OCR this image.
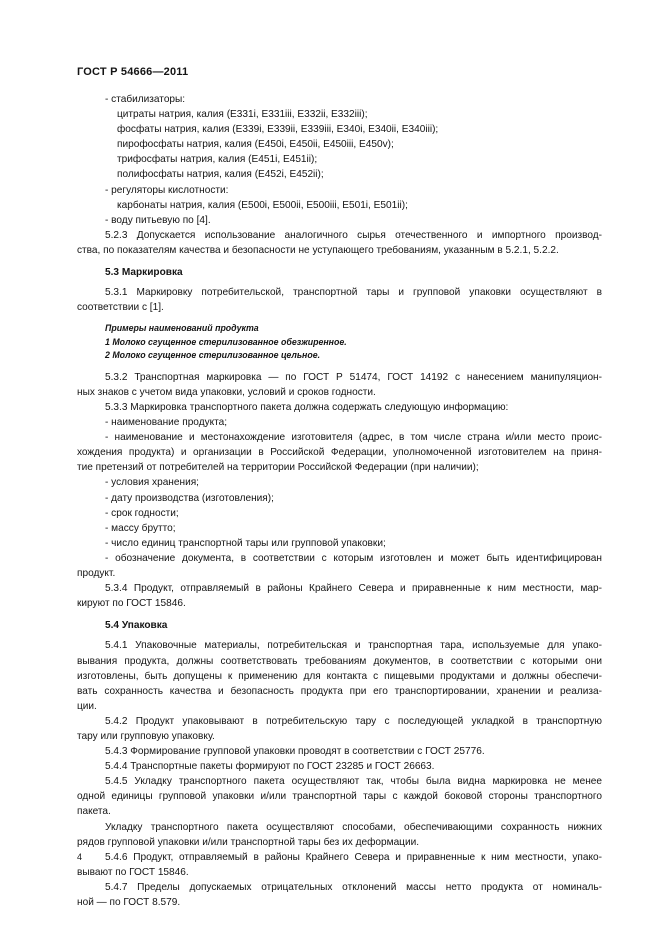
ГОСТ Р 54666—2011
- стабилизаторы:
цитраты натрия, калия (E331i, E331iii, E332ii, E332iii);
фосфаты натрия, калия (E339i, E339ii, E339iii, E340i, E340ii, E340iii);
пирофосфаты натрия, калия (E450i, E450ii, E450iii, E450v);
трифосфаты натрия, калия (E451i, E451ii);
полифосфаты натрия, калия (E452i, E452ii);
- регуляторы кислотности:
карбонаты натрия, калия (E500i, E500ii, E500iii, E501i, E501ii);
- воду питьевую по [4].
5.2.3 Допускается использование аналогичного сырья отечественного и импортного производ-
ства, по показателям качества и безопасности не уступающего требованиям, указанным в 5.2.1, 5.2.2.
5.3 Маркировка
5.3.1 Маркировку потребительской, транспортной тары и групповой упаковки осуществляют в
соответствии с [1].
Примеры наименований продукта
1 Молоко сгущенное стерилизованное обезжиренное.
2 Молоко сгущенное стерилизованное цельное.
5.3.2 Транспортная маркировка — по ГОСТ Р 51474, ГОСТ 14192 с нанесением манипуляцион-
ных знаков с учетом вида упаковки, условий и сроков годности.
5.3.3 Маркировка транспортного пакета должна содержать следующую информацию:
- наименование продукта;
- наименование и местонахождение изготовителя (адрес, в том числе страна и/или место проис-
хождения продукта) и организации в Российской Федерации, уполномоченной изготовителем на приня-
тие претензий от потребителей на территории Российской Федерации (при наличии);
- условия хранения;
- дату производства (изготовления);
- срок годности;
- массу брутто;
- число единиц транспортной тары или групповой упаковки;
- обозначение документа, в соответствии с которым изготовлен и может быть идентифицирован
продукт.
5.3.4 Продукт, отправляемый в районы Крайнего Севера и приравненные к ним местности, мар-
кируют по ГОСТ 15846.
5.4 Упаковка
5.4.1 Упаковочные материалы, потребительская и транспортная тара, используемые для упако-
вывания продукта, должны соответствовать требованиям документов, в соответствии с которыми они
изготовлены, быть допущены к применению для контакта с пищевыми продуктами и должны обеспечи-
вать сохранность качества и безопасность продукта при его транспортировании, хранении и реализа-
ции.
5.4.2 Продукт упаковывают в потребительскую тару с последующей укладкой в транспортную
тару или групповую упаковку.
5.4.3 Формирование групповой упаковки проводят в соответствии с ГОСТ 25776.
5.4.4 Транспортные пакеты формируют по ГОСТ 23285 и ГОСТ 26663.
5.4.5 Укладку транспортного пакета осуществляют так, чтобы была видна маркировка не менее
одной единицы групповой упаковки и/или транспортной тары с каждой боковой стороны транспортного
пакета.
Укладку транспортного пакета осуществляют способами, обеспечивающими сохранность нижних
рядов групповой упаковки и/или транспортной тары без их деформации.
5.4.6 Продукт, отправляемый в районы Крайнего Севера и приравненные к ним местности, упако-
вывают по ГОСТ 15846.
5.4.7 Пределы допускаемых отрицательных отклонений массы нетто продукта от номиналь-
ной — по ГОСТ 8.579.
4
